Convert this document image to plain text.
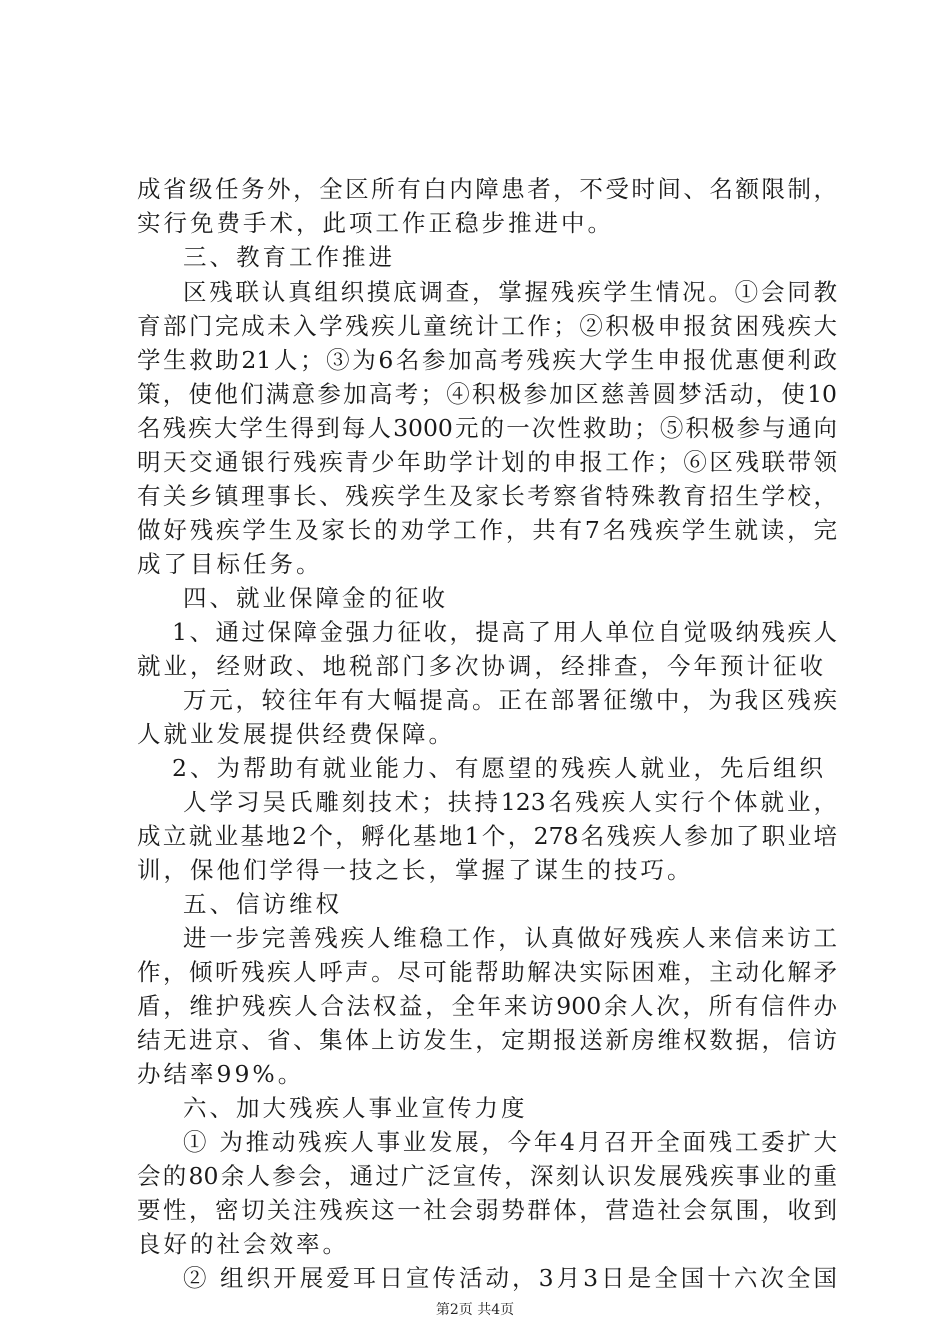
成省级任务外，全区所有白内障患者，不受时间、名额限制，
实行免费手术，此项工作正稳步推进中。
三、教育工作推进
区残联认真组织摸底调查，掌握残疾学生情况。①会同教
育部门完成未入学残疾儿童统计工作；②积极申报贫困残疾大
学生救助21人；③为6名参加高考残疾大学生申报优惠便利政
策，使他们满意参加高考；④积极参加区慈善圆梦活动，使10
名残疾大学生得到每人3000元的一次性救助；⑤积极参与通向
明天交通银行残疾青少年助学计划的申报工作；⑥区残联带领
有关乡镇理事长、残疾学生及家长考察省特殊教育招生学校，
做好残疾学生及家长的劝学工作，共有7名残疾学生就读，完
成了目标任务。
四、就业保障金的征收
1、通过保障金强力征收，提高了用人单位自觉吸纳残疾人
就业，经财政、地税部门多次协调，经排查，今年预计征收
万元，较往年有大幅提高。正在部署征缴中，为我区残疾
人就业发展提供经费保障。
2、为帮助有就业能力、有愿望的残疾人就业，先后组织
人学习吴氏雕刻技术；扶持123名残疾人实行个体就业，
成立就业基地2个，孵化基地1个，278名残疾人参加了职业培
训，保他们学得一技之长，掌握了谋生的技巧。
五、信访维权
进一步完善残疾人维稳工作，认真做好残疾人来信来访工
作，倾听残疾人呼声。尽可能帮助解决实际困难，主动化解矛
盾，维护残疾人合法权益，全年来访900余人次，所有信件办
结无进京、省、集体上访发生，定期报送新房维权数据，信访
办结率99%。
六、加大残疾人事业宣传力度
① 为推动残疾人事业发展，今年4月召开全面残工委扩大
会的80余人参会，通过广泛宣传，深刻认识发展残疾事业的重
要性，密切关注残疾这一社会弱势群体，营造社会氛围，收到
第2页 共4页
良好的社会效率。
② 组织开展爱耳日宣传活动，3月3日是全国十六次全国
